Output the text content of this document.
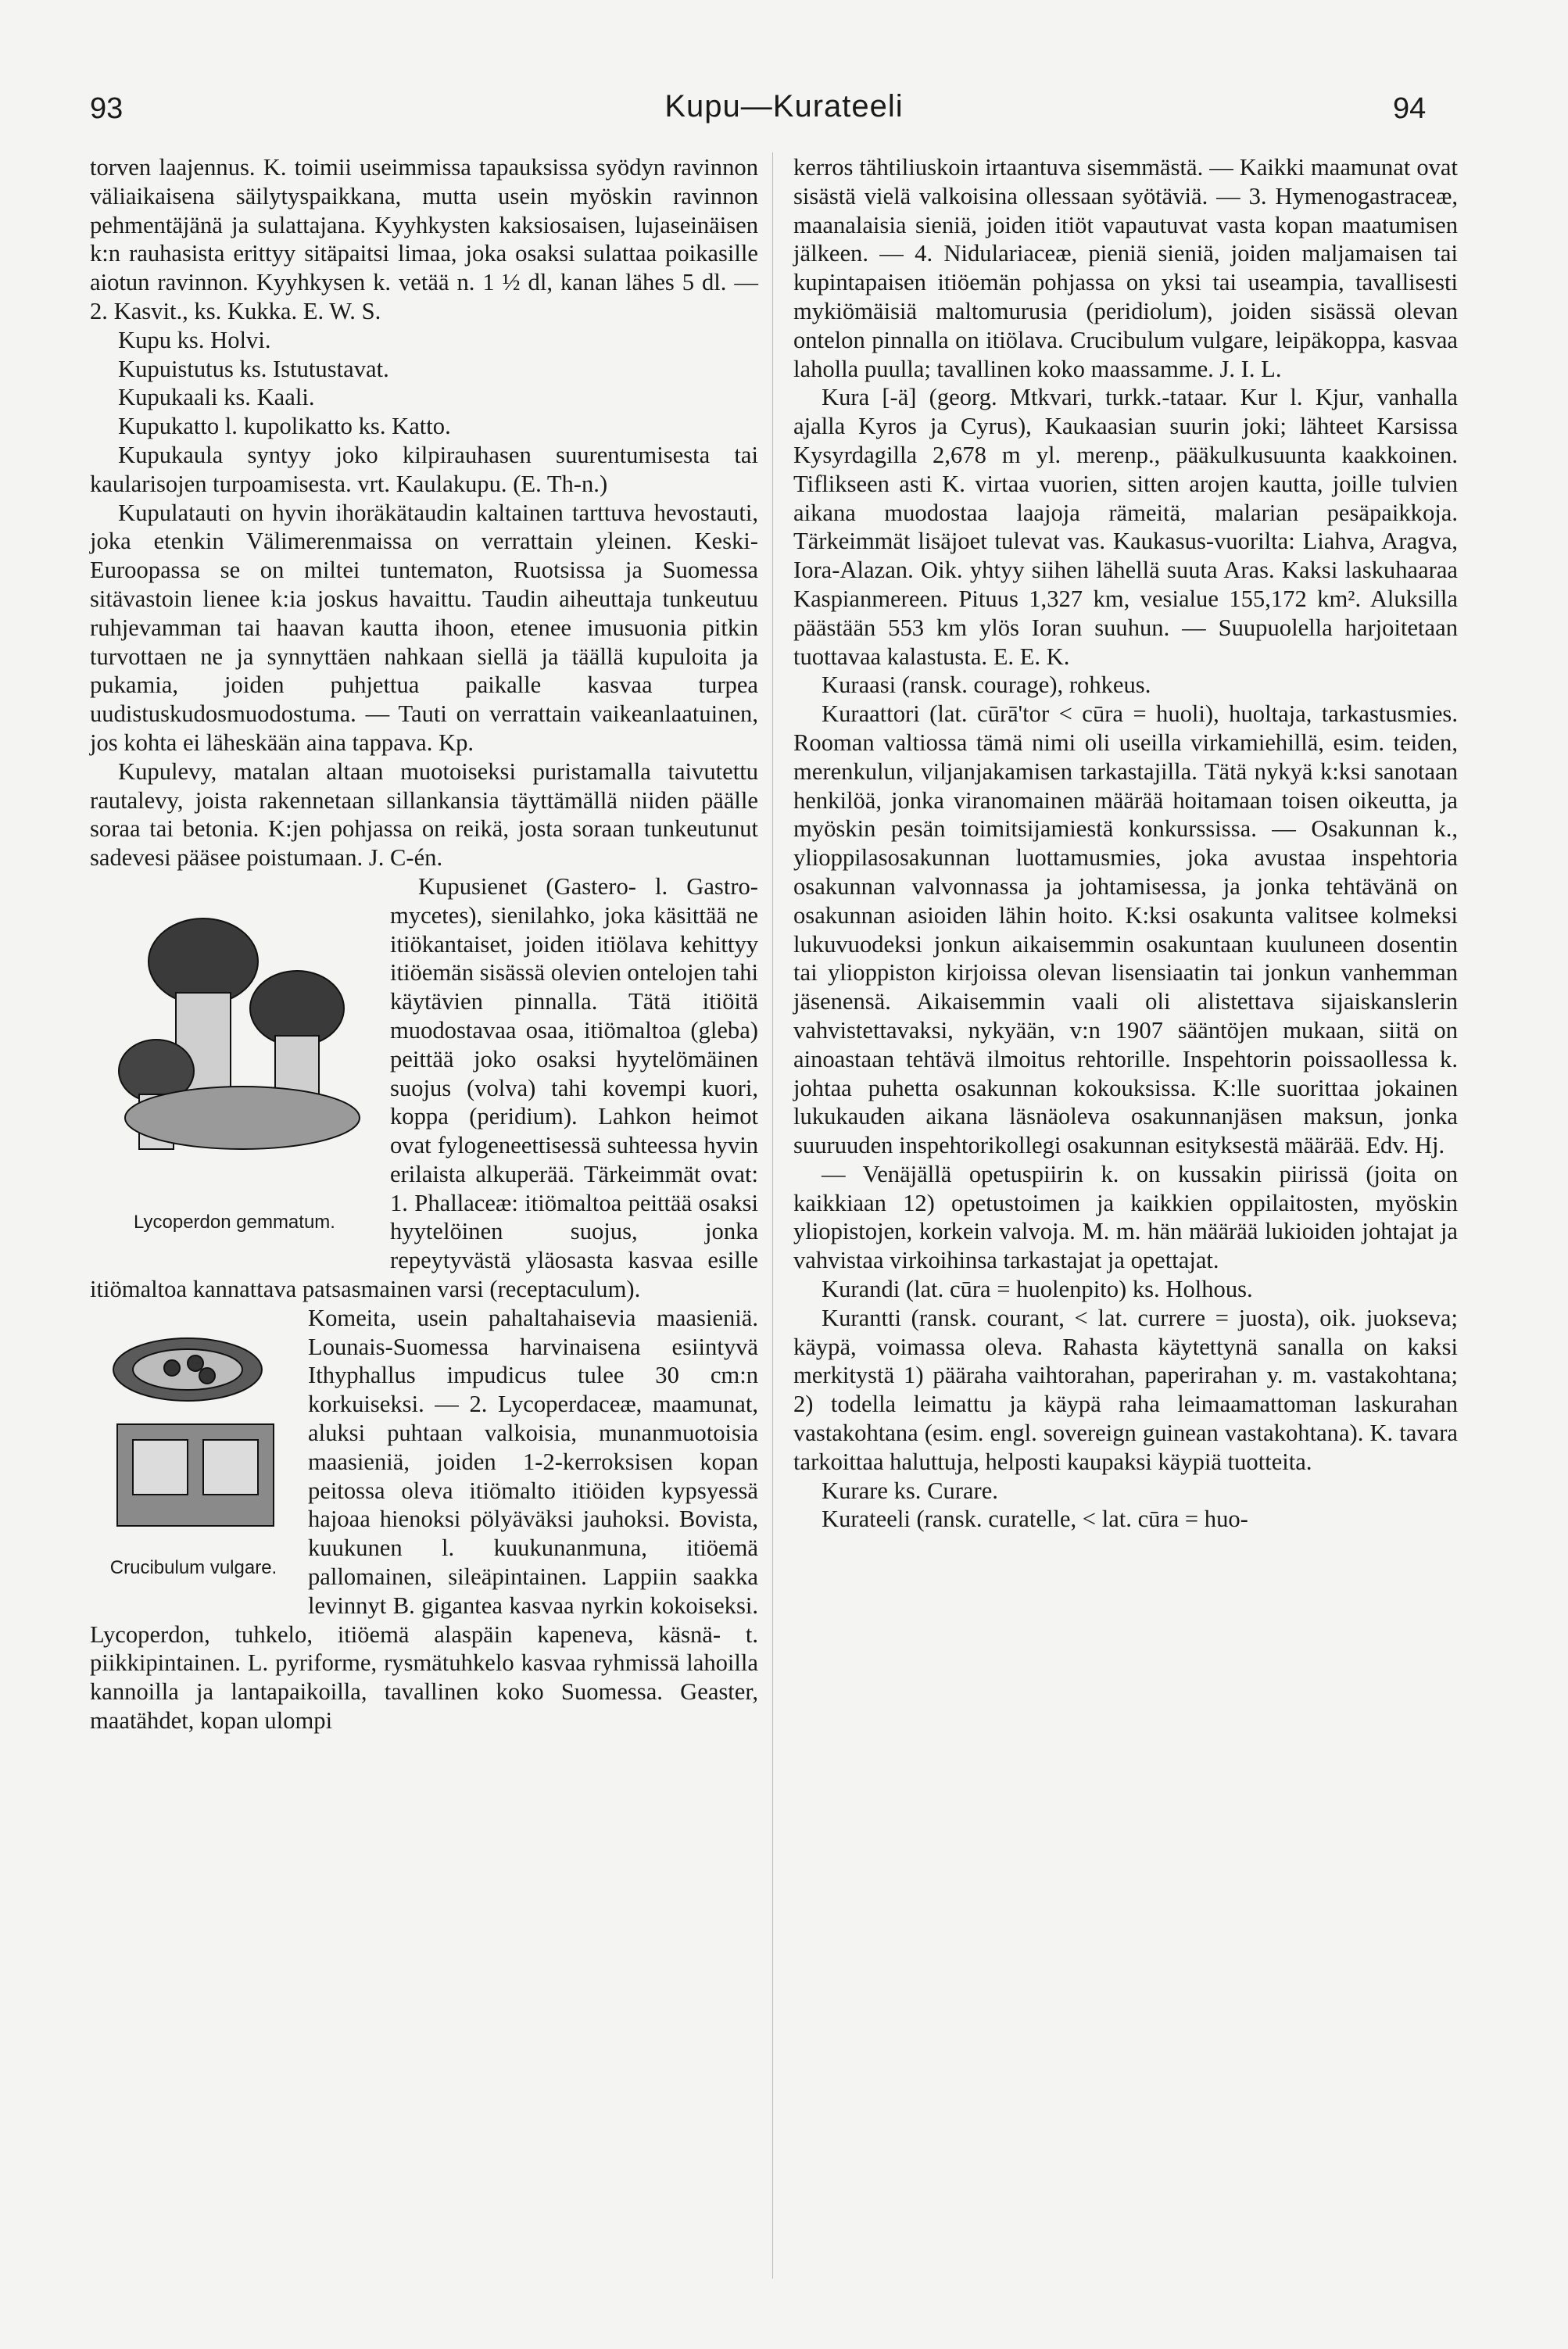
93	Kupu—Kurateeli	94

torven laajennus. K. toimii useimmissa tapauksissa syödyn ravinnon väliaikaisena säilytyspaikkana, mutta usein myöskin ravinnon pehmentäjänä ja sulattajana. Kyyhkysten kaksiosaisen, lujaseinäisen k:n rauhasista erittyy sitäpaitsi limaa, joka osaksi sulattaa poikasille aiotun ravinnon. Kyyhkysen k. vetää n. 1 ½ dl, kanan lähes 5 dl. — 2. Kasvit., ks. Kukka. E. W. S.

Kupu ks. Holvi.

Kupuistutus ks. Istutustavat.

Kupukaali ks. Kaali.

Kupukatto l. kupolikatto ks. Katto.

Kupukaula syntyy joko kilpirauhasen suurentumisesta tai kaularisojen turpoamisesta. vrt. Kaulakupu. (E. Th-n.)

Kupulatauti on hyvin ihoräkätaudin kaltainen tarttuva hevostauti, joka etenkin Välimerenmaissa on verrattain yleinen. Keski-Euroopassa se on miltei tuntematon, Ruotsissa ja Suomessa sitävastoin lienee k:ia joskus havaittu. Taudin aiheuttaja tunkeutuu ruhjevamman tai haavan kautta ihoon, etenee imusuonia pitkin turvottaen ne ja synnyttäen nahkaan siellä ja täällä kupuloita ja pukamia, joiden puhjettua paikalle kasvaa turpea uudistuskudosmuodostuma. — Tauti on verrattain vaikeanlaatuinen, jos kohta ei läheskään aina tappava. Kp.

Kupulevy, matalan altaan muotoiseksi puristamalla taivutettu rautalevy, joista rakennetaan sillankansia täyttämällä niiden päälle soraa tai betonia. K:jen pohjassa on reikä, josta soraan tunkeutunut sadevesi pääsee poistumaan. J. C-én.

Lycoperdon gemmatum.

Kupusienet (Gastero- l. Gastro-mycetes), sienilahko, joka käsittää ne itiökantaiset, joiden itiölava kehittyy itiöemän sisässä olevien ontelojen tahi käytävien pinnalla. Tätä itiöitä muodostavaa osaa, itiömaltoa (gleba) peittää joko osaksi hyytelömäinen suojus (volva) tahi kovempi kuori, koppa (peridium). Lahkon heimot ovat fylogeneettisessä suhteessa hyvin erilaista alkuperää. Tärkeimmät ovat: 1. Phallaceæ: itiömaltoa peittää osaksi hyytelöinen suojus, jonka repeytyvästä yläosasta kasvaa esille itiömaltoa kannattava patsasmainen varsi (receptaculum).

Crucibulum vulgare.

Komeita, usein pahaltahaisevia maasieniä. Lounais-Suomessa harvinaisena esiintyvä Ithyphallus impudicus tulee 30 cm:n korkuiseksi. — 2. Lycoperdaceæ, maamunat, aluksi puhtaan valkoisia, munanmuotoisia maasieniä, joiden 1-2-kerroksisen kopan peitossa oleva itiömalto itiöiden kypsyessä hajoaa hienoksi pölyäväksi jauhoksi. Bovista, kuukunen l. kuukunanmuna, itiöemä pallomainen, sileäpintainen. Lappiin saakka levinnyt B. gigantea kasvaa nyrkin kokoiseksi. Lycoperdon, tuhkelo, itiöemä alaspäin kapeneva, käsnä- t. piikkipintainen. L. pyriforme, rysmätuhkelo kasvaa ryhmissä lahoilla kannoilla ja lantapaikoilla, tavallinen koko Suomessa. Geaster, maatähdet, kopan ulompi

kerros tähtiliuskoin irtaantuva sisemmästä. — Kaikki maamunat ovat sisästä vielä valkoisina ollessaan syötäviä. — 3. Hymenogastraceæ, maanalaisia sieniä, joiden itiöt vapautuvat vasta kopan maatumisen jälkeen. — 4. Nidulariaceæ, pieniä sieniä, joiden maljamaisen tai kupintapaisen itiöemän pohjassa on yksi tai useampia, tavallisesti mykiömäisiä maltomurusia (peridiolum), joiden sisässä olevan ontelon pinnalla on itiölava. Crucibulum vulgare, leipäkoppa, kasvaa laholla puulla; tavallinen koko maassamme. J. I. L.

Kura [-ä] (georg. Mtkvari, turkk.-tataar. Kur l. Kjur, vanhalla ajalla Kyros ja Cyrus), Kaukaasian suurin joki; lähteet Karsissa Kysyrdagilla 2,678 m yl. merenp., pääkulkusuunta kaakkoinen. Tiflikseen asti K. virtaa vuorien, sitten arojen kautta, joille tulvien aikana muodostaa laajoja rämeitä, malarian pesäpaikkoja. Tärkeimmät lisäjoet tulevat vas. Kaukasus-vuorilta: Liahva, Aragva, Iora-Alazan. Oik. yhtyy siihen lähellä suuta Aras. Kaksi laskuhaaraa Kaspianmereen. Pituus 1,327 km, vesialue 155,172 km². Aluksilla päästään 553 km ylös Ioran suuhun. — Suupuolella harjoitetaan tuottavaa kalastusta. E. E. K.

Kuraasi (ransk. courage), rohkeus.

Kuraattori (lat. cūrā'tor < cūra = huoli), huoltaja, tarkastusmies. Rooman valtiossa tämä nimi oli useilla virkamiehillä, esim. teiden, merenkulun, viljanjakamisen tarkastajilla. Tätä nykyä k:ksi sanotaan henkilöä, jonka viranomainen määrää hoitamaan toisen oikeutta, ja myöskin pesän toimitsijamiestä konkurssissa. — Osakunnan k., ylioppilasosakunnan luottamusmies, joka avustaa inspehtoria osakunnan valvonnassa ja johtamisessa, ja jonka tehtävänä on osakunnan asioiden lähin hoito. K:ksi osakunta valitsee kolmeksi lukuvuodeksi jonkun aikaisemmin osakuntaan kuuluneen dosentin tai ylioppiston kirjoissa olevan lisensiaatin tai jonkun vanhemman jäsenensä. Aikaisemmin vaali oli alistettava sijaiskanslerin vahvistettavaksi, nykyään, v:n 1907 sääntöjen mukaan, siitä on ainoastaan tehtävä ilmoitus rehtorille. Inspehtorin poissaollessa k. johtaa puhetta osakunnan kokouksissa. K:lle suorittaa jokainen lukukauden aikana läsnäoleva osakunnanjäsen maksun, jonka suuruuden inspehtorikollegi osakunnan esityksestä määrää. Edv. Hj.

— Venäjällä opetuspiirin k. on kussakin piirissä (joita on kaikkiaan 12) opetustoimen ja kaikkien oppilaitosten, myöskin yliopistojen, korkein valvoja. M. m. hän määrää lukioiden johtajat ja vahvistaa virkoihinsa tarkastajat ja opettajat.

Kurandi (lat. cūra = huolenpito) ks. Holhous.

Kurantti (ransk. courant, < lat. currere = juosta), oik. juokseva; käypä, voimassa oleva. Rahasta käytettynä sanalla on kaksi merkitystä 1) pääraha vaihtorahan, paperirahan y. m. vastakohtana; 2) todella leimattu ja käypä raha leimaamattoman laskurahan vastakohtana (esim. engl. sovereign guinean vastakohtana). K. tavara tarkoittaa haluttuja, helposti kaupaksi käypiä tuotteita.

Kurare ks. Curare.

Kurateeli (ransk. curatelle, < lat. cūra = huo-
